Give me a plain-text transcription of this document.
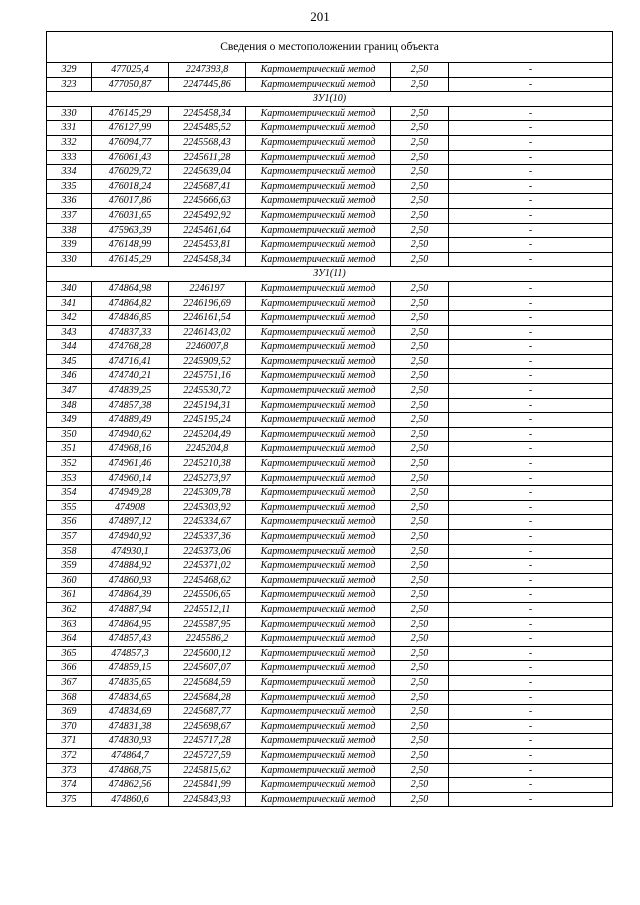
201
Сведения о местоположении границ объекта					
329	477025,4	2247393,8	Картометрический метод	2,50	-
323	477050,87	2247445,86	Картометрический метод	2,50	-
ЗУ1(10)					
330	476145,29	2245458,34	Картометрический метод	2,50	-
331	476127,99	2245485,52	Картометрический метод	2,50	-
332	476094,77	2245568,43	Картометрический метод	2,50	-
333	476061,43	2245611,28	Картометрический метод	2,50	-
334	476029,72	2245639,04	Картометрический метод	2,50	-
335	476018,24	2245687,41	Картометрический метод	2,50	-
336	476017,86	2245666,63	Картометрический метод	2,50	-
337	476031,65	2245492,92	Картометрический метод	2,50	-
338	475963,39	2245461,64	Картометрический метод	2,50	-
339	476148,99	2245453,81	Картометрический метод	2,50	-
330	476145,29	2245458,34	Картометрический метод	2,50	-
ЗУ1(11)					
340	474864,98	2246197	Картометрический метод	2,50	-
341	474864,82	2246196,69	Картометрический метод	2,50	-
342	474846,85	2246161,54	Картометрический метод	2,50	-
343	474837,33	2246143,02	Картометрический метод	2,50	-
344	474768,28	2246007,8	Картометрический метод	2,50	-
345	474716,41	2245909,52	Картометрический метод	2,50	-
346	474740,21	2245751,16	Картометрический метод	2,50	-
347	474839,25	2245530,72	Картометрический метод	2,50	-
348	474857,38	2245194,31	Картометрический метод	2,50	-
349	474889,49	2245195,24	Картометрический метод	2,50	-
350	474940,62	2245204,49	Картометрический метод	2,50	-
351	474968,16	2245204,8	Картометрический метод	2,50	-
352	474961,46	2245210,38	Картометрический метод	2,50	-
353	474960,14	2245273,97	Картометрический метод	2,50	-
354	474949,28	2245309,78	Картометрический метод	2,50	-
355	474908	2245303,92	Картометрический метод	2,50	-
356	474897,12	2245334,67	Картометрический метод	2,50	-
357	474940,92	2245337,36	Картометрический метод	2,50	-
358	474930,1	2245373,06	Картометрический метод	2,50	-
359	474884,92	2245371,02	Картометрический метод	2,50	-
360	474860,93	2245468,62	Картометрический метод	2,50	-
361	474864,39	2245506,65	Картометрический метод	2,50	-
362	474887,94	2245512,11	Картометрический метод	2,50	-
363	474864,95	2245587,95	Картометрический метод	2,50	-
364	474857,43	2245586,2	Картометрический метод	2,50	-
365	474857,3	2245600,12	Картометрический метод	2,50	-
366	474859,15	2245607,07	Картометрический метод	2,50	-
367	474835,65	2245684,59	Картометрический метод	2,50	-
368	474834,65	2245684,28	Картометрический метод	2,50	-
369	474834,69	2245687,77	Картометрический метод	2,50	-
370	474831,38	2245698,67	Картометрический метод	2,50	-
371	474830,93	2245717,28	Картометрический метод	2,50	-
372	474864,7	2245727,59	Картометрический метод	2,50	-
373	474868,75	2245815,62	Картометрический метод	2,50	-
374	474862,56	2245841,99	Картометрический метод	2,50	-
375	474860,6	2245843,93	Картометрический метод	2,50	-
